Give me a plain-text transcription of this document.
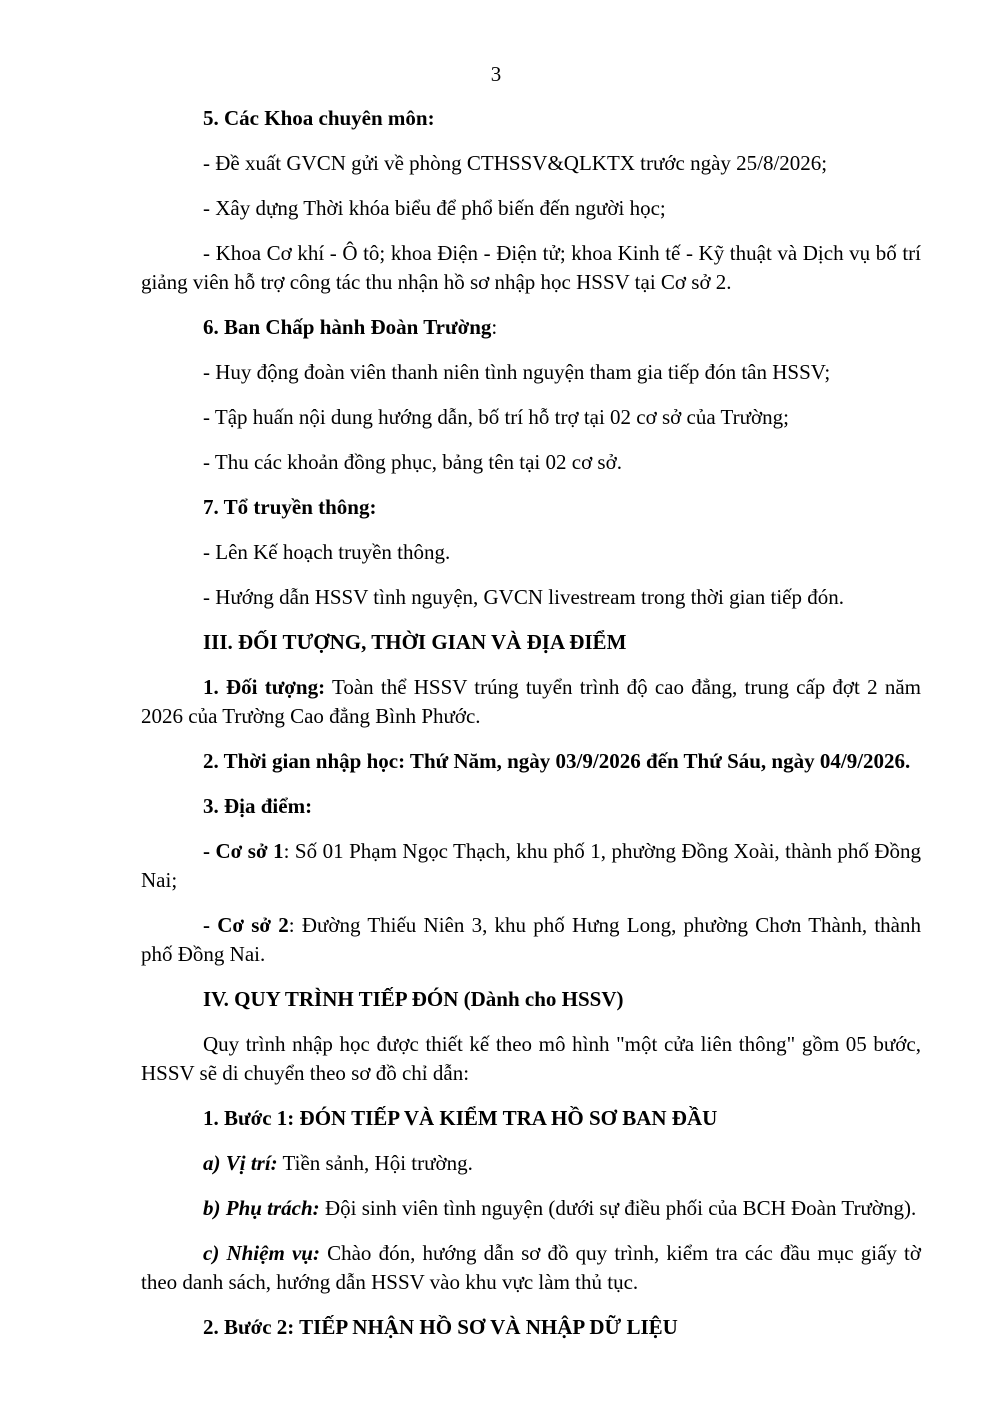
3

5. Các Khoa chuyên môn:

- Đề xuất GVCN gửi về phòng CTHSSV&QLKTX trước ngày 25/8/2026;

- Xây dựng Thời khóa biểu để phổ biến đến người học;

- Khoa Cơ khí - Ô tô; khoa Điện - Điện tử; khoa Kinh tế - Kỹ thuật và Dịch vụ bố trí giảng viên hỗ trợ công tác thu nhận hồ sơ nhập học HSSV tại Cơ sở 2.

6. Ban Chấp hành Đoàn Trường:

- Huy động đoàn viên thanh niên tình nguyện tham gia tiếp đón tân HSSV;

- Tập huấn nội dung hướng dẫn, bố trí hỗ trợ tại 02 cơ sở của Trường;

- Thu các khoản đồng phục, bảng tên tại 02 cơ sở.

7. Tổ truyền thông:

- Lên Kế hoạch truyền thông.

- Hướng dẫn HSSV tình nguyện, GVCN livestream trong thời gian tiếp đón.

III. ĐỐI TƯỢNG, THỜI GIAN VÀ ĐỊA ĐIỂM

1. Đối tượng: Toàn thể HSSV trúng tuyển trình độ cao đẳng, trung cấp đợt 2 năm 2026 của Trường Cao đẳng Bình Phước.

2. Thời gian nhập học: Thứ Năm, ngày 03/9/2026 đến Thứ Sáu, ngày 04/9/2026.

3. Địa điểm:

- Cơ sở 1: Số 01 Phạm Ngọc Thạch, khu phố 1, phường Đồng Xoài, thành phố Đồng Nai;

- Cơ sở 2: Đường Thiếu Niên 3, khu phố Hưng Long, phường Chơn Thành, thành phố Đồng Nai.

IV. QUY TRÌNH TIẾP ĐÓN (Dành cho HSSV)

Quy trình nhập học được thiết kế theo mô hình "một cửa liên thông" gồm 05 bước, HSSV sẽ di chuyển theo sơ đồ chỉ dẫn:

1. Bước 1: ĐÓN TIẾP VÀ KIỂM TRA HỒ SƠ BAN ĐẦU

a) Vị trí: Tiền sảnh, Hội trường.

b) Phụ trách: Đội sinh viên tình nguyện (dưới sự điều phối của BCH Đoàn Trường).

c) Nhiệm vụ: Chào đón, hướng dẫn sơ đồ quy trình, kiểm tra các đầu mục giấy tờ theo danh sách, hướng dẫn HSSV vào khu vực làm thủ tục.

2. Bước 2: TIẾP NHẬN HỒ SƠ VÀ NHẬP DỮ LIỆU
